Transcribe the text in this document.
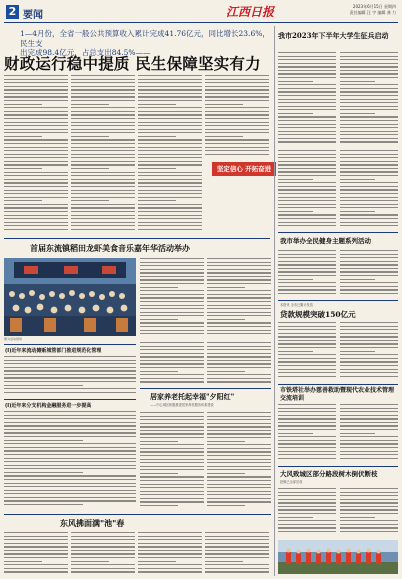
2 要闻	江西日报	2023年6月15日 星期四
责任编辑 汪 宇 编辑 龚 力
1—4月份，全省一般公共预算收入累计完成41.76亿元，同比增长23.6%，民生支
出完成98.4亿元，占总支出84.5%——
财政运行稳中提质 民生保障坚实有力
坚定信心 开拓奋进
我市2023年下半年大学生征兵启动
我市举办全民健身主题系列活动
本报讯 全市已累计发放
贷款规模突破150亿元
市铁塔社举办慈善救助暨现代农业技术管理交流培训
大风致城区部分路段树木倒伏断枝
抢修已全部完成
首届东流镇稻田龙虾美食音乐嘉年华活动举办
图为活动现场
(I)近年来流动摊贩城管部门推进规范化管理
(I)近年来分支机构金融服务进一步提高
居家养老托起幸福"夕阳红"
——中心城区积极推进居家养老服务体系建设
东风拂面满"池"春
